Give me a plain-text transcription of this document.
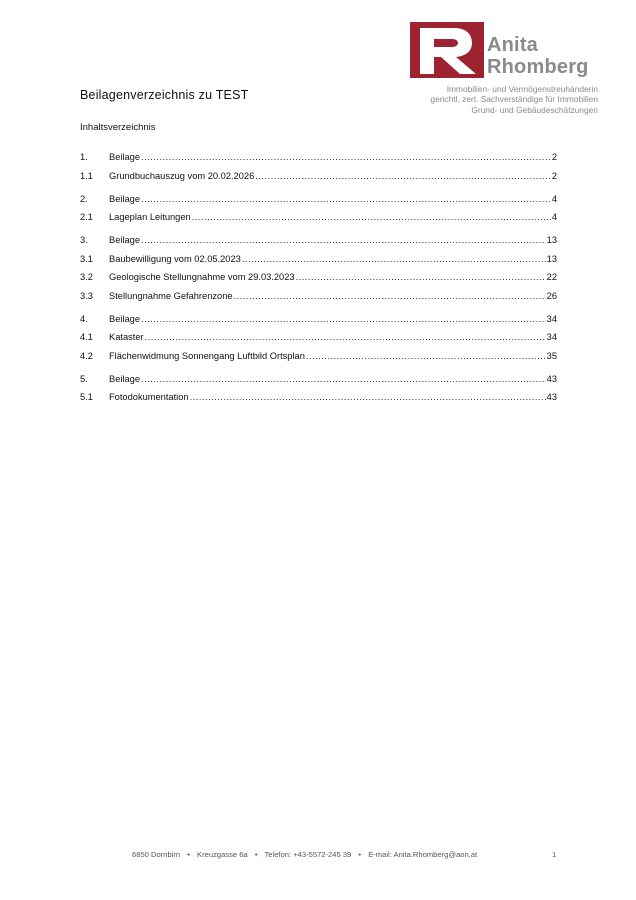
Anita
Rhomberg
Immobilien- und Vermögenstreuhänderin
gerichtl. zert. Sachverständige für Immobilien
Grund- und Gebäudeschätzungen
Beilagenverzeichnis zu TEST
Inhaltsverzeichnis
1.	Beilage .....	2
1.1	Grundbuchauszug vom 20.02.2026 .....	2
2.	Beilage .....	4
2.1	Lageplan Leitungen .....	4
3.	Beilage .....	13
3.1	Baubewilligung vom 02.05.2023 .....	13
3.2	Geologische Stellungnahme vom 29.03.2023 .....	22
3.3	Stellungnahme Gefahrenzone .....	26
4.	Beilage .....	34
4.1	Kataster .....	34
4.2	Flächenwidmung Sonnengang Luftbild Ortsplan .....	35
5.	Beilage .....	43
5.1	Fotodokumentation .....	43
6850 Dornbirn • Kreuzgasse 6a • Telefon: +43-5572-245 39 • E-mail: Anita.Rhomberg@aon.at	1
